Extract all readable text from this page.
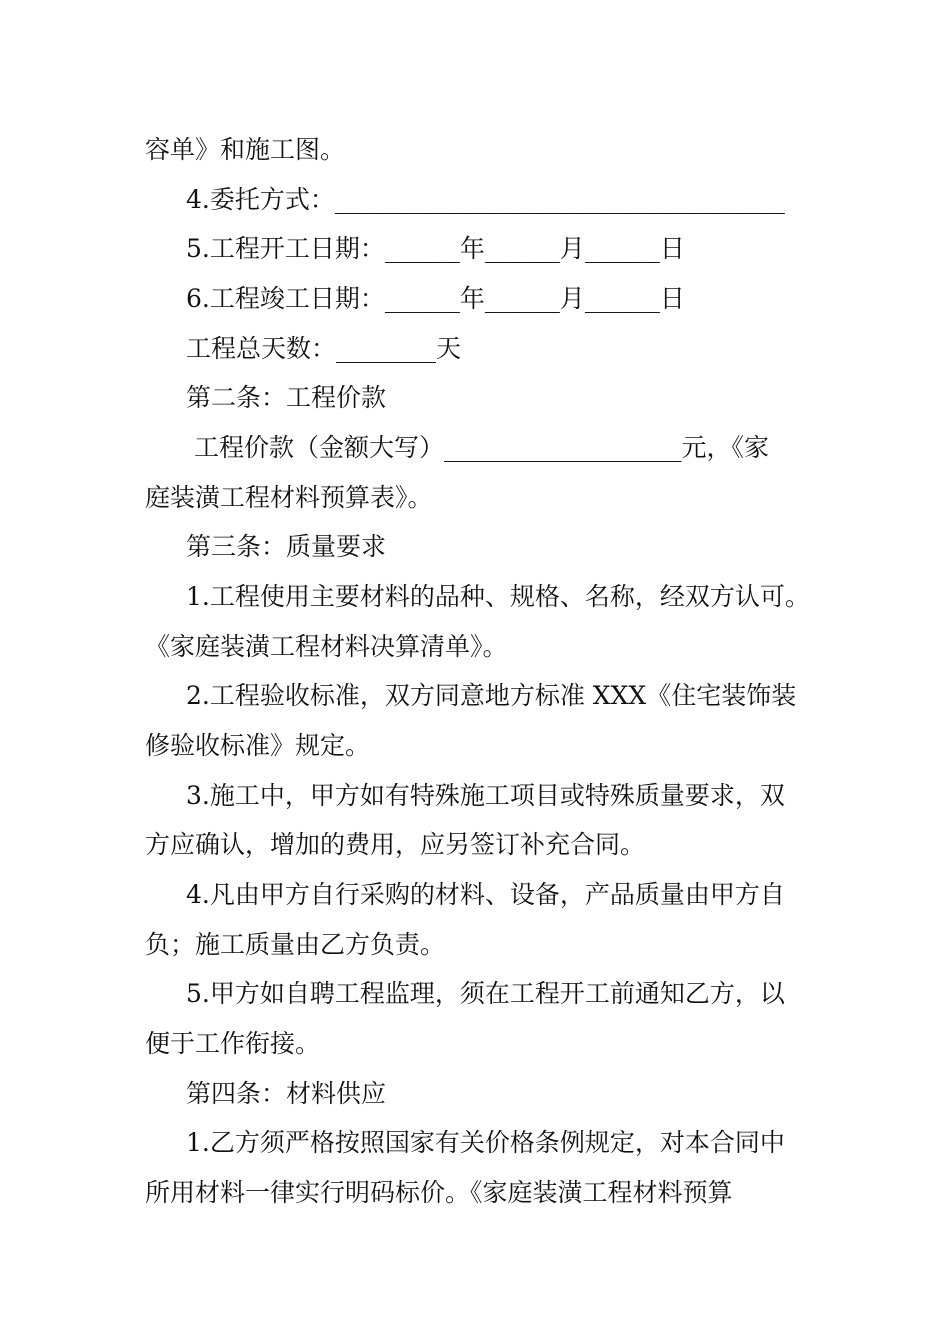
容单》和施工图。
4.委托方式：____________________________________
5.工程开工日期：______年______月______日
6.工程竣工日期：______年______月______日
工程总天数：________天
第二条：工程价款
工程价款（金额大写）___________________元，《家
庭装潢工程材料预算表》。
第三条：质量要求
1.工程使用主要材料的品种、规格、名称，经双方认可。
《家庭装潢工程材料决算清单》。
2.工程验收标准，双方同意地方标准 XXX《住宅装饰装
修验收标准》规定。
3.施工中，甲方如有特殊施工项目或特殊质量要求，双
方应确认，增加的费用，应另签订补充合同。
4.凡由甲方自行采购的材料、设备，产品质量由甲方自
负；施工质量由乙方负责。
5.甲方如自聘工程监理，须在工程开工前通知乙方，以
便于工作衔接。
第四条：材料供应
1.乙方须严格按照国家有关价格条例规定，对本合同中
所用材料一律实行明码标价。《家庭装潢工程材料预算
